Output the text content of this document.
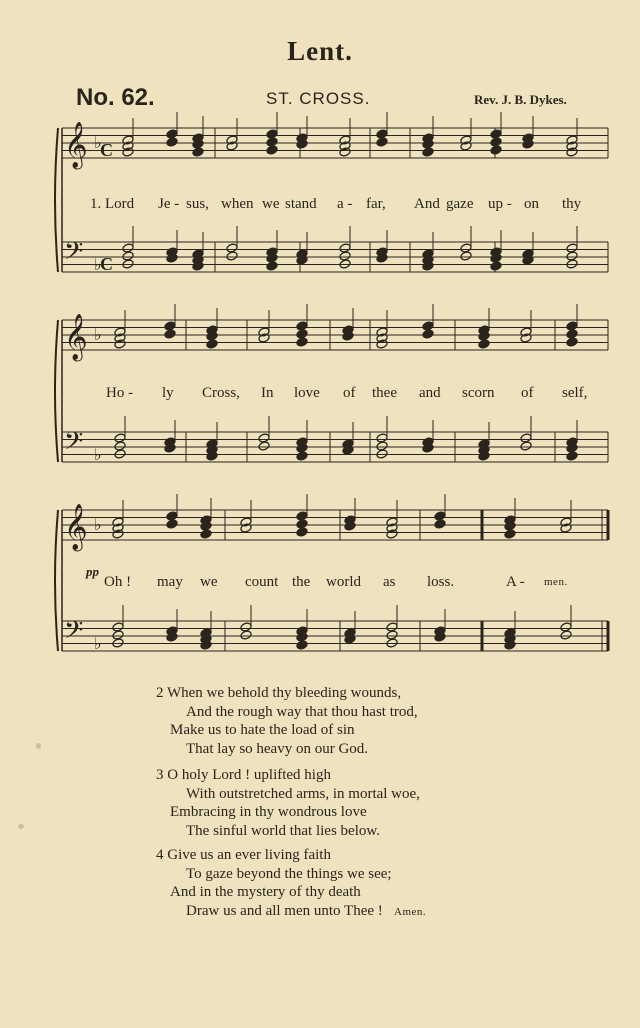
Lent.
No. 62.	ST. CROSS.	Rev. J. B. Dykes.
𝄞 ♭
𝄢 ♭
𝄞 ♭
𝄢 ♭
𝄞 ♭
𝄢 ♭
C
C
1. Lord Je - sus, when we stand a - far, And gaze up - on thy
Ho - ly Cross, In love of thee and scorn of self,
pp
Oh ! may we count the world as loss.	A - men.
2 When we behold thy bleeding wounds,
And the rough way that thou hast trod,
Make us to hate the load of sin
That lay so heavy on our God.
3 O holy Lord ! uplifted high
With outstretched arms, in mortal woe,
Embracing in thy wondrous love
The sinful world that lies below.
4 Give us an ever living faith
To gaze beyond the things we see;
And in the mystery of thy death
Draw us and all men unto Thee ! Amen.
